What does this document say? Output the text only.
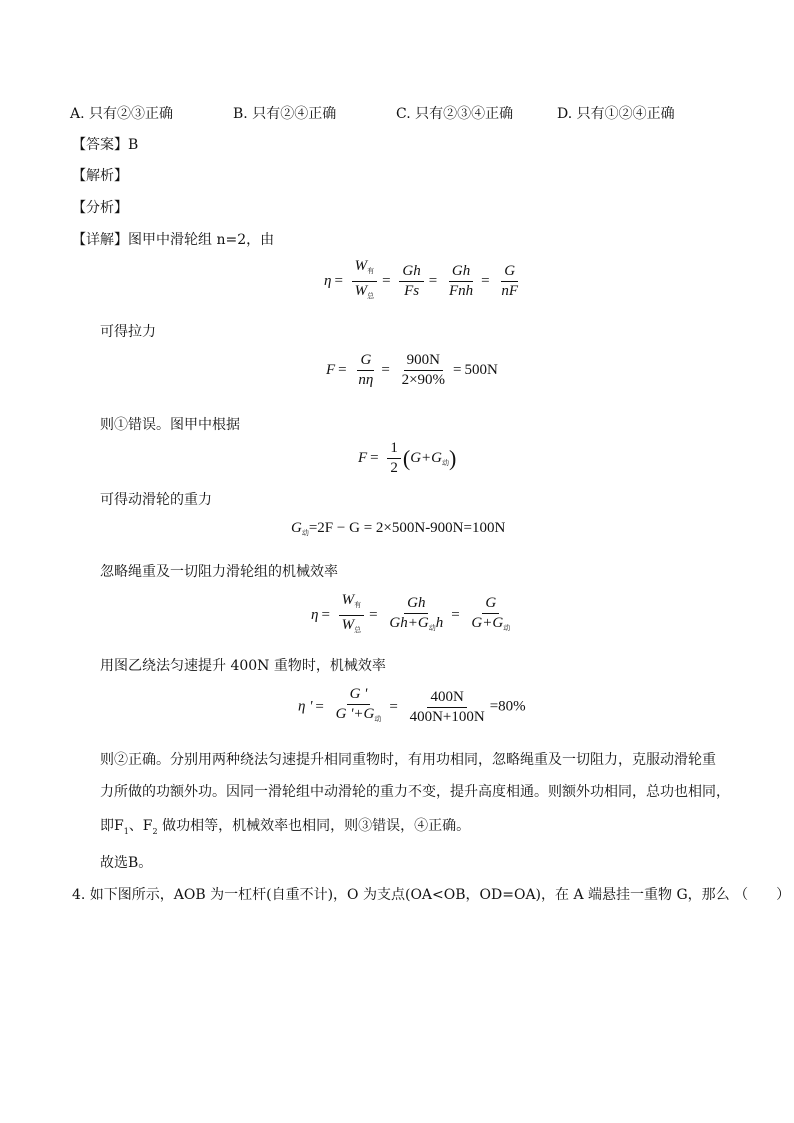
A. 只有②③正确	B. 只有②④正确	C. 只有②③④正确	D. 只有①②④正确
【答案】B
【解析】
【分析】
【详解】图甲中滑轮组 n=2，由
$\eta = \frac{W_有}{W_总} = \frac{Gh}{Fs} = \frac{Gh}{\text{Fnh}} = \frac{G}{nF}$
可得拉力
$F = \frac{G}{n\eta} = \frac{900N}{2\times 90\%} = 500N$
则①错误。图甲中根据
$F = \frac{1}{2} (G+G_动)$
可得动滑轮的重力
$G_动=2F - G = 2\times 500N-900N=100N$
忽略绳重及一切阻力滑轮组的机械效率
$\eta = \frac{W_有}{W_总} = \frac{Gh}{Gh+G_动h} = \frac{G}{G+G_动}$
用图乙绕法匀速提升 400N 重物时，机械效率
η ' = $\frac{G '}{G '+G_动} = \frac{400N}{400N+100N} =80\%$
则②正确。分别用两种绕法匀速提升相同重物时，有用功相同，忽略绳重及一切阻力，克服动滑轮重
力所做的功额外功。因同一滑轮组中动滑轮的重力不变，提升高度相通。则额外功相同，总功也相同，
即$F_1$、$F_2$ 做功相等，机械效率也相同，则③错误，④正确。
故选B。
4. 如下图所示，AOB 为一杠杆(自重不计)，O 为支点(OA<OB，OD=OA)，在 A 端悬挂一重物 G，那么 （　　）
